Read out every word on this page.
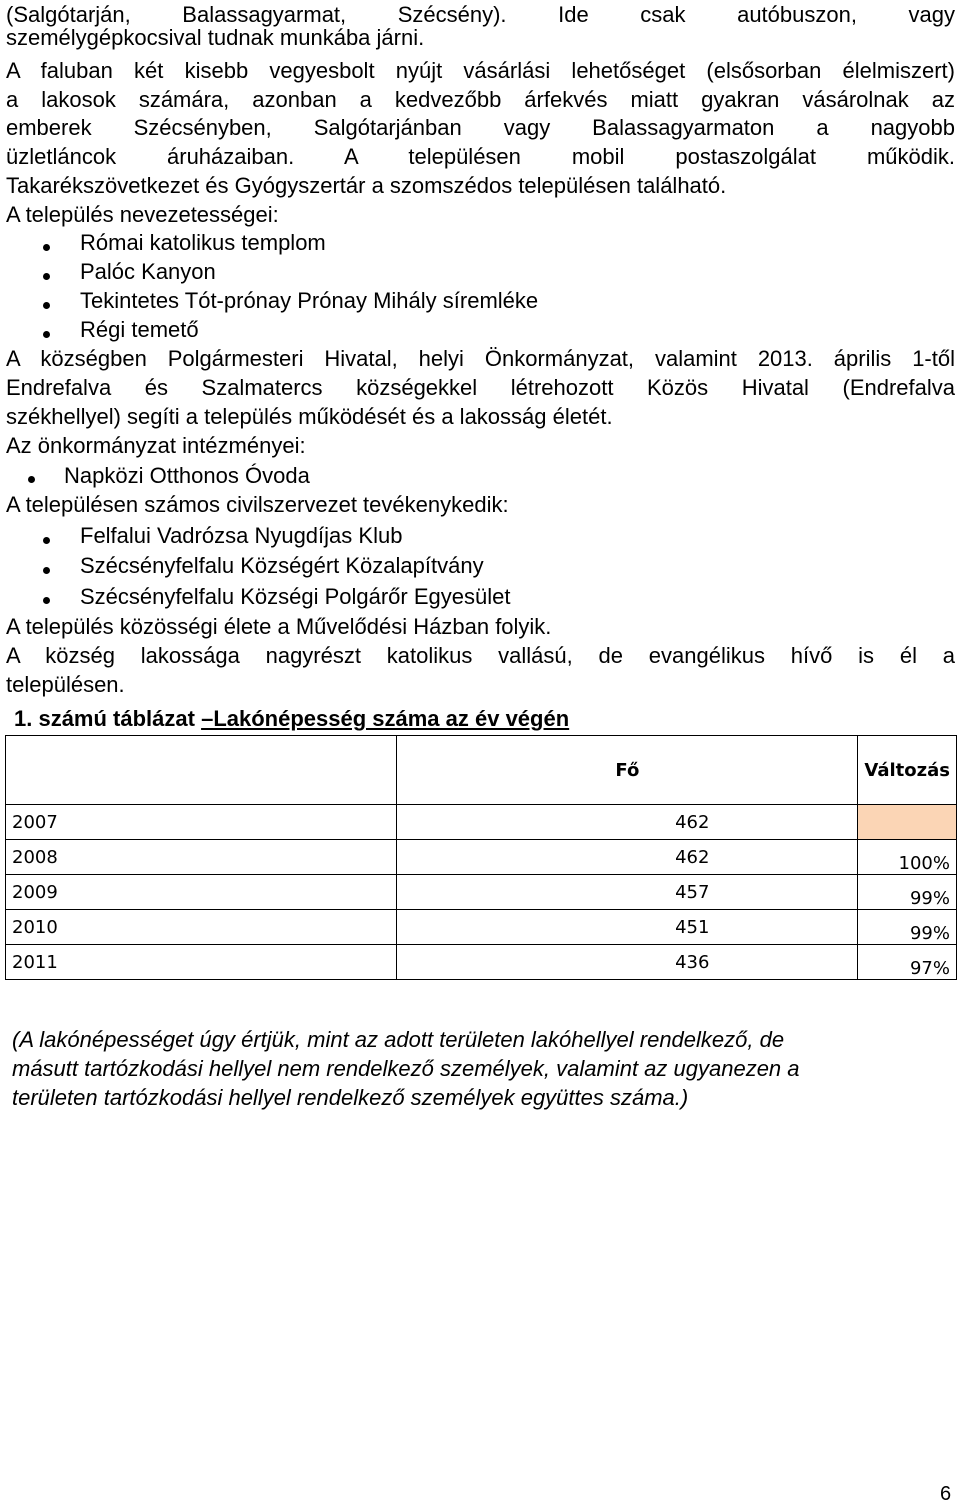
(Salgótarján, Balassagyarmat, Szécsény). Ide csak autóbuszon, vagy
személygépkocsival tudnak munkába járni.
A faluban két kisebb vegyesbolt nyújt vásárlási lehetőséget (elsősorban élelmiszert)
a lakosok számára, azonban a kedvezőbb árfekvés miatt gyakran vásárolnak az
emberek Szécsényben, Salgótarjánban vagy Balassagyarmaton a nagyobb
üzletláncok áruházaiban. A településen mobil postaszolgálat működik.
Takarékszövetkezet és Gyógyszertár a szomszédos településen található.
A település nevezetességei:
Római katolikus templom
Palóc Kanyon
Tekintetes Tót-prónay Prónay Mihály síremléke
Régi temető
A községben Polgármesteri Hivatal, helyi Önkormányzat, valamint 2013. április 1-től
Endrefalva és Szalmatercs községekkel létrehozott Közös Hivatal (Endrefalva
székhellyel) segíti a település működését és a lakosság életét.
Az önkormányzat intézményei:
Napközi Otthonos Óvoda
A településen számos civilszervezet tevékenykedik:
Felfalui Vadrózsa Nyugdíjas Klub
Szécsényfelfalu Községért Közalapítvány
Szécsényfelfalu Községi Polgárőr Egyesület
A település közösségi élete a Művelődési Házban folyik.
A község lakossága nagyrészt katolikus vallású, de evangélikus hívő is él a
településen.
1. számú táblázat –Lakónépesség száma az év végén
	Fő	Változás
2007	462	
2008	462	100%
2009	457	99%
2010	451	99%
2011	436	97%
(A lakónépességet úgy értjük, mint az adott területen lakóhellyel rendelkező, de
másutt tartózkodási hellyel nem rendelkező személyek, valamint az ugyanezen a
területen tartózkodási hellyel rendelkező személyek együttes száma.)
6
